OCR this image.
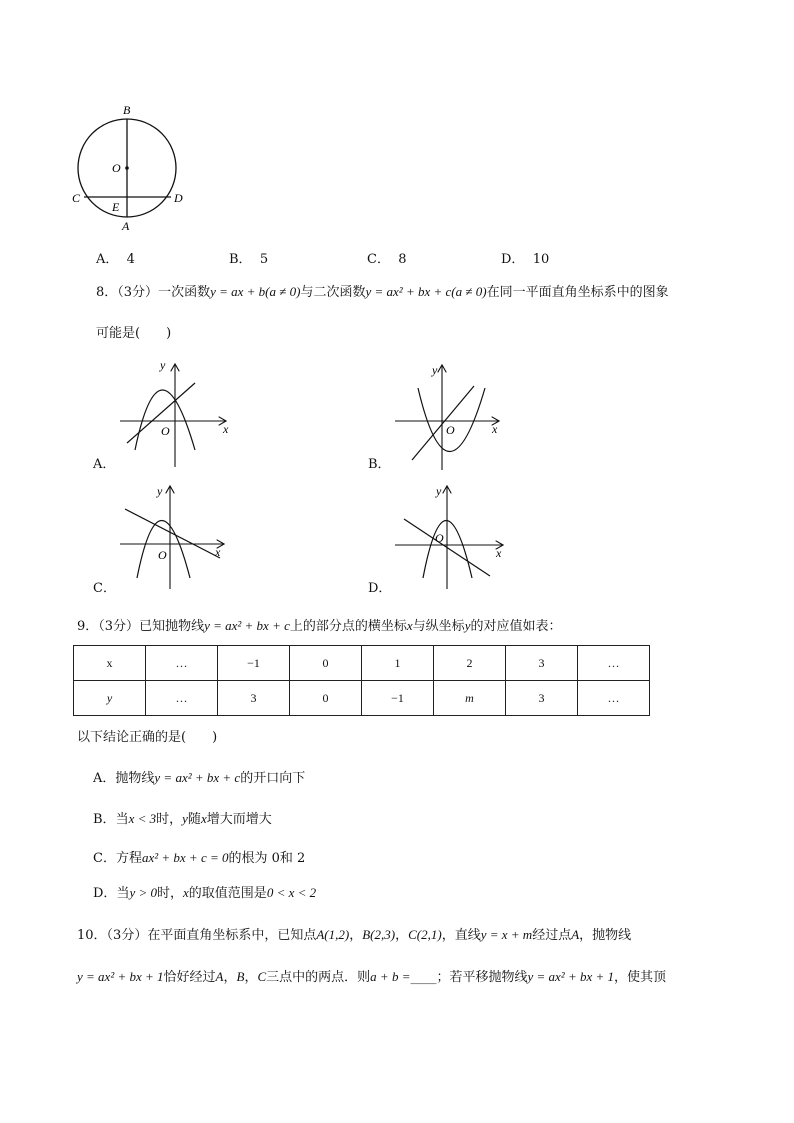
B
O
C	D
E
A
A． 4	B． 5	C． 8	D． 10
8．（3分）一次函数y = ax + b(a ≠ 0)与二次函数y = ax² + bx + c(a ≠ 0)在同一平面直角坐标系中的图象
可能是(　　)
x
y
O
A．
x
y
O
B．
x
y
O
C．
x
y
O
D．
9．（3分）已知抛物线y = ax² + bx + c上的部分点的横坐标x与纵坐标y的对应值如表：
x	…	−1	0	1	2	3	…
y	…	3	0	−1	m	3	…
以下结论正确的是(　　)
A．抛物线y = ax² + bx + c的开口向下
B．当x < 3时，y随x增大而增大
C．方程ax² + bx + c = 0的根为 0和 2
D．当y > 0时，x的取值范围是0 < x < 2
10．（3分）在平面直角坐标系中，已知点A(1,2)，B(2,3)，C(2,1)，直线y = x + m经过点A，抛物线
y = ax² + bx + 1恰好经过A，B，C三点中的两点．则a + b =____；若平移抛物线y = ax² + bx + 1，使其顶
